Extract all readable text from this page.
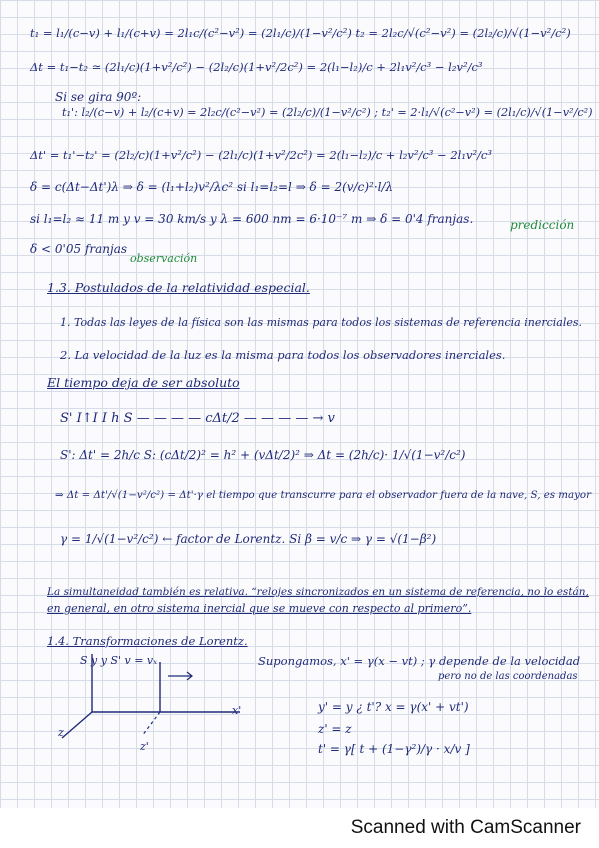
t₁ = l₁/(c−v) + l₁/(c+v) = 2l₁c/(c²−v²) = (2l₁/c)/(1−v²/c²) t₂ = 2l₂c/√(c²−v²) = (2l₂/c)/√(1−v²/c²)
Δt = t₁−t₂ ≃ (2l₁/c)(1+v²/c²) − (2l₂/c)(1+v²/2c²) = 2(l₁−l₂)/c + 2l₁v²/c³ − l₂v²/c³
Si se gira 90º:
t₁': l₂/(c−v) + l₂/(c+v) = 2l₂c/(c²−v²) = (2l₂/c)/(1−v²/c²) ; t₂' = 2·l₁/√(c²−v²) = (2l₁/c)/√(1−v²/c²)
Δt' = t₁'−t₂' = (2l₂/c)(1+v²/c²) − (2l₁/c)(1+v²/2c²) = 2(l₁−l₂)/c + l₂v²/c³ − 2l₁v²/c³
δ = c(Δt−Δt')λ ⇒ δ = (l₁+l₂)v²/λc² si l₁=l₂=l ⇒ δ = 2(v/c)²·l/λ
si l₁=l₂ ≈ 11 m y v = 30 km/s y λ = 600 nm = 6·10⁻⁷ m ⇒ δ = 0'4 franjas.	predicción
δ < 0'05 franjas
observación
1.3. Postulados de la relatividad especial.
1. Todas las leyes de la física son las mismas para todos los sistemas de referencia inerciales.
2. La velocidad de la luz es la misma para todos los observadores inerciales.
El tiempo deja de ser absoluto
S' I↑I I h S — — — — cΔt/2 — — — — → v
S': Δt' = 2h/c S: (cΔt/2)² = h² + (vΔt/2)² ⇒ Δt = (2h/c)· 1/√(1−v²/c²)
⇒ Δt = Δt'/√(1−v²/c²) = Δt'·γ el tiempo que transcurre para el observador fuera de la nave, S, es mayor
γ = 1/√(1−v²/c²) ← factor de Lorentz. Si β = v/c ⇒ γ = √(1−β²)
La simultaneidad también es relativa. “relojes sincronizados en un sistema de referencia, no lo están,
en general, en otro sistema inercial que se mueve con respecto al primero”.
1.4. Transformaciones de Lorentz.
S y y S' v = vₓ
x'
z
z'
Supongamos, x' = γ(x − vt) ; γ depende de la velocidad
pero no de las coordenadas
y' = y ¿ t'? x = γ(x' + vt')
z' = z
t' = γ[ t + (1−γ²)/γ · x/v ]
Scanned with CamScanner
